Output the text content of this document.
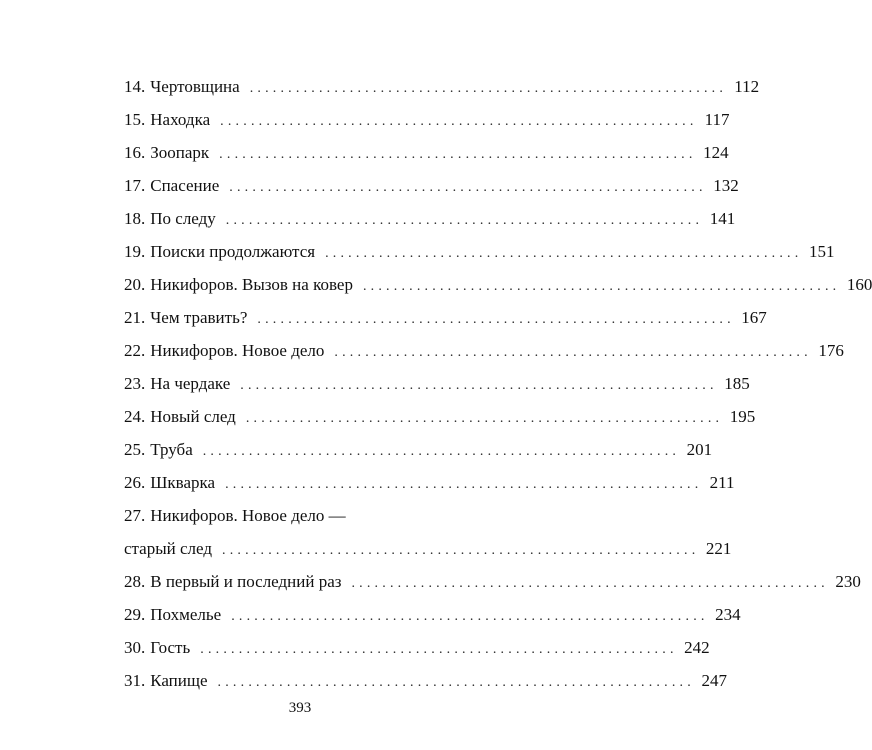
14. Чертовщина .............................................................. 112
15. Находка .............................................................. 117
16. Зоопарк .............................................................. 124
17. Спасение .............................................................. 132
18. По следу .............................................................. 141
19. Поиски продолжаются .............................................................. 151
20. Никифоров. Вызов на ковер .............................................................. 160
21. Чем травить? .............................................................. 167
22. Никифоров. Новое дело .............................................................. 176
23. На чердаке .............................................................. 185
24. Новый след .............................................................. 195
25. Труба .............................................................. 201
26. Шкварка .............................................................. 211
27. Никифоров. Новое дело —
старый след .............................................................. 221
28. В первый и последний раз .............................................................. 230
29. Похмелье .............................................................. 234
30. Гость .............................................................. 242
31. Капище .............................................................. 247
393
